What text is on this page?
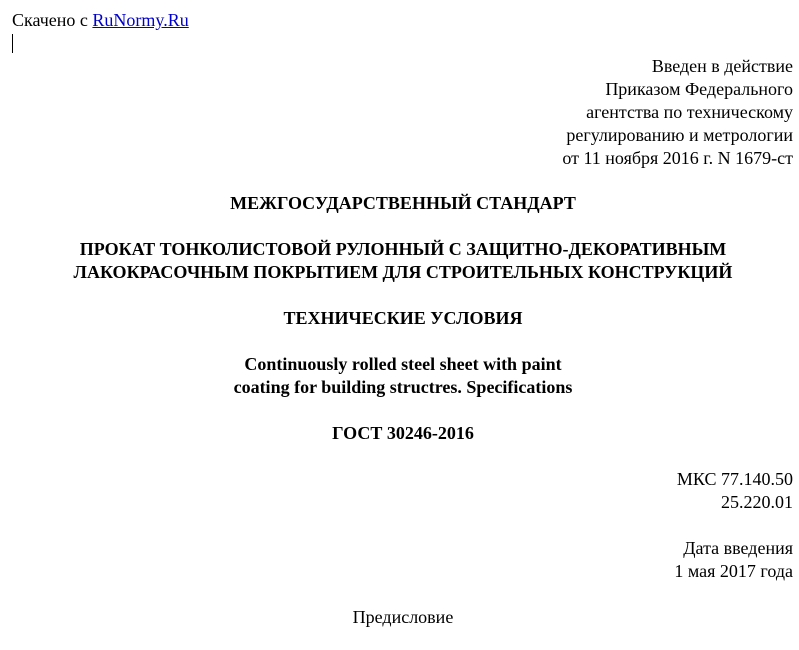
Скачено с RuNormy.Ru
Введен в действие
Приказом Федерального
агентства по техническому
регулированию и метрологии
от 11 ноября 2016 г. N 1679-ст
МЕЖГОСУДАРСТВЕННЫЙ СТАНДАРТ
ПРОКАТ ТОНКОЛИСТОВОЙ РУЛОННЫЙ С ЗАЩИТНО-ДЕКОРАТИВНЫМ
ЛАКОКРАСОЧНЫМ ПОКРЫТИЕМ ДЛЯ СТРОИТЕЛЬНЫХ КОНСТРУКЦИЙ
ТЕХНИЧЕСКИЕ УСЛОВИЯ
Continuously rolled steel sheet with paint
coating for building structres. Specifications
ГОСТ 30246-2016
МКС 77.140.50
25.220.01
Дата введения
1 мая 2017 года
Предисловие
